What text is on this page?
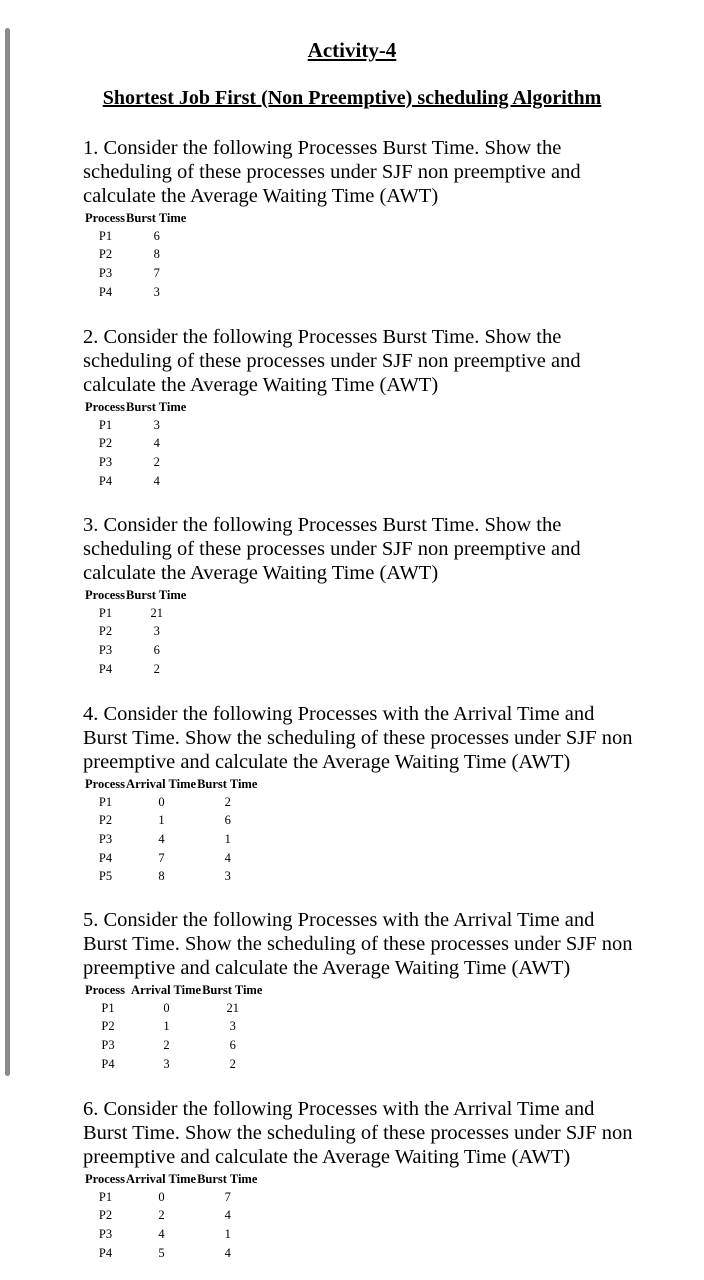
Activity-4
Shortest Job First (Non Preemptive) scheduling Algorithm

1. Consider the following Processes Burst Time. Show the scheduling of these processes under SJF non preemptive and calculate the Average Waiting Time (AWT)

Process	Burst Time
P1	6
P2	8
P3	7
P4	3

2. Consider the following Processes Burst Time. Show the scheduling of these processes under SJF non preemptive and calculate the Average Waiting Time (AWT)

Process	Burst Time
P1	3
P2	4
P3	2
P4	4

3. Consider the following Processes Burst Time. Show the scheduling of these processes under SJF non preemptive and calculate the Average Waiting Time (AWT)

Process	Burst Time
P1	21
P2	3
P3	6
P4	2

4. Consider the following Processes with the Arrival Time and Burst Time. Show the scheduling of these processes under SJF non preemptive and calculate the Average Waiting Time (AWT)

Process	Arrival Time	Burst Time
P1	0	2
P2	1	6
P3	4	1
P4	7	4
P5	8	3

5. Consider the following Processes with the Arrival Time and Burst Time. Show the scheduling of these processes under SJF non preemptive and calculate the Average Waiting Time (AWT)

Process	Arrival Time	Burst Time
P1	0	21
P2	1	3
P3	2	6
P4	3	2

6. Consider the following Processes with the Arrival Time and Burst Time. Show the scheduling of these processes under SJF non preemptive and calculate the Average Waiting Time (AWT)

Process	Arrival Time	Burst Time
P1	0	7
P2	2	4
P3	4	1
P4	5	4
